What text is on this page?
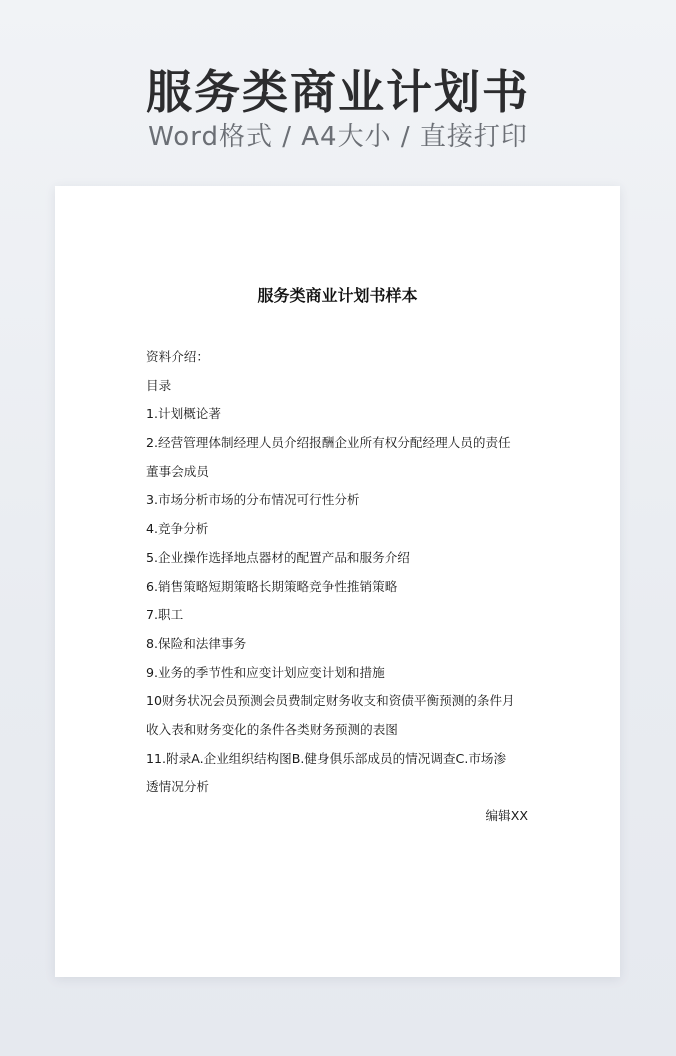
服务类商业计划书
Word格式 / A4大小 / 直接打印
服务类商业计划书样本
资料介绍：
目录
1.计划概论著
2.经营管理体制经理人员介绍报酬企业所有权分配经理人员的责任
董事会成员
3.市场分析市场的分布情况可行性分析
4.竞争分析
5.企业操作选择地点器材的配置产品和服务介绍
6.销售策略短期策略长期策略竞争性推销策略
7.职工
8.保险和法律事务
9.业务的季节性和应变计划应变计划和措施
10财务状况会员预测会员费制定财务收支和资债平衡预测的条件月
收入表和财务变化的条件各类财务预测的表图
11.附录A.企业组织结构图B.健身俱乐部成员的情况调查C.市场渗
透情况分析
编辑XX
